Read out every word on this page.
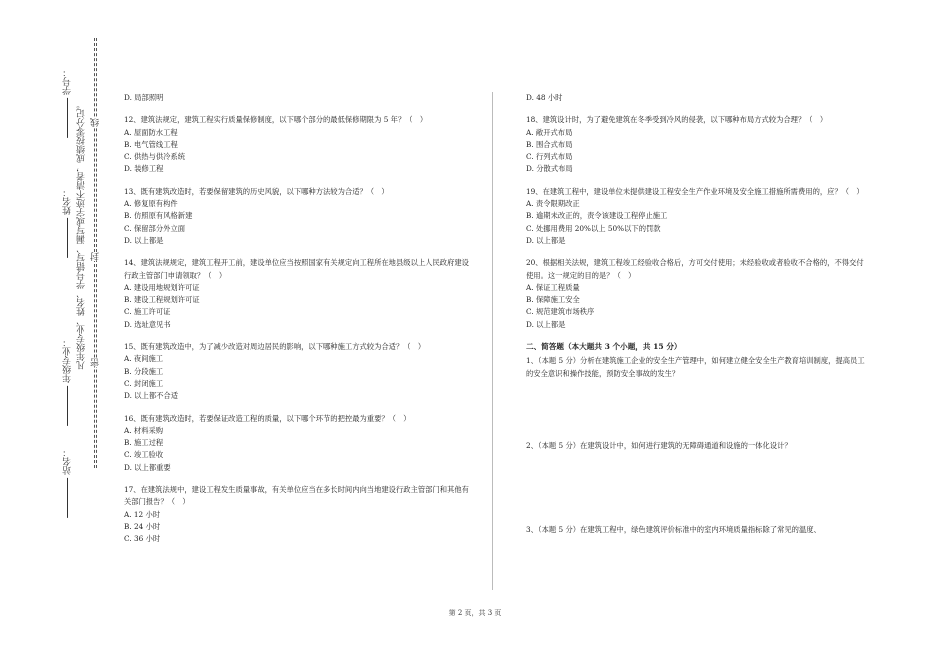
学号：
姓名：
年级专业：
站名：
凡年级专业、姓名、学号错写、漏写或字迹不清者，成绩按零分记。 线
封
密

D. 局部照明

12、建筑法规定，建筑工程实行质量保修制度，以下哪个部分的最低保修期限为 5 年？（　）

A. 屋面防水工程

B. 电气管线工程

C. 供热与供冷系统

D. 装修工程

13、既有建筑改造时，若要保留建筑的历史风貌，以下哪种方法较为合适？（　）

A. 修复原有构件

B. 仿照原有风格新建

C. 保留部分外立面

D. 以上都是

14、建筑法规规定，建筑工程开工前，建设单位应当按照国家有关规定向工程所在地县级以上人民政府建设行政主管部门申请领取？（　）

A. 建设用地规划许可证

B. 建设工程规划许可证

C. 施工许可证

D. 选址意见书

15、既有建筑改造中，为了减少改造对周边居民的影响，以下哪种施工方式较为合适？（　）

A. 夜间施工

B. 分段施工

C. 封闭施工

D. 以上都不合适

16、既有建筑改造时，若要保证改造工程的质量，以下哪个环节的把控最为重要？（　）

A. 材料采购

B. 施工过程

C. 竣工验收

D. 以上都重要

17、在建筑法规中，建设工程发生质量事故，有关单位应当在多长时间内向当地建设行政主管部门和其他有关部门报告？（　）

A. 12 小时

B. 24 小时

C. 36 小时

D. 48 小时

18、建筑设计时，为了避免建筑在冬季受到冷风的侵袭，以下哪种布局方式较为合理？（　）

A. 敞开式布局

B. 围合式布局

C. 行列式布局

D. 分散式布局

19、在建筑工程中，建设单位未提供建设工程安全生产作业环境及安全施工措施所需费用的，应？（　）

A. 责令限期改正

B. 逾期未改正的，责令该建设工程停止施工

C. 处挪用费用 20%以上 50%以下的罚款

D. 以上都是

20、根据相关法规，建筑工程竣工经验收合格后，方可交付使用；未经验收或者验收不合格的，不得交付使用。这一规定的目的是？（　）

A. 保证工程质量

B. 保障施工安全

C. 规范建筑市场秩序

D. 以上都是

二、简答题（本大题共 3 个小题，共 15 分）

1、（本题 5 分）分析在建筑施工企业的安全生产管理中，如何建立健全安全生产教育培训制度，提高员工的安全意识和操作技能，预防安全事故的发生？

2、（本题 5 分）在建筑设计中，如何进行建筑的无障碍通道和设施的一体化设计？

3、（本题 5 分）在建筑工程中，绿色建筑评价标准中的室内环境质量指标除了常见的温度、

第 2 页，共 3 页
